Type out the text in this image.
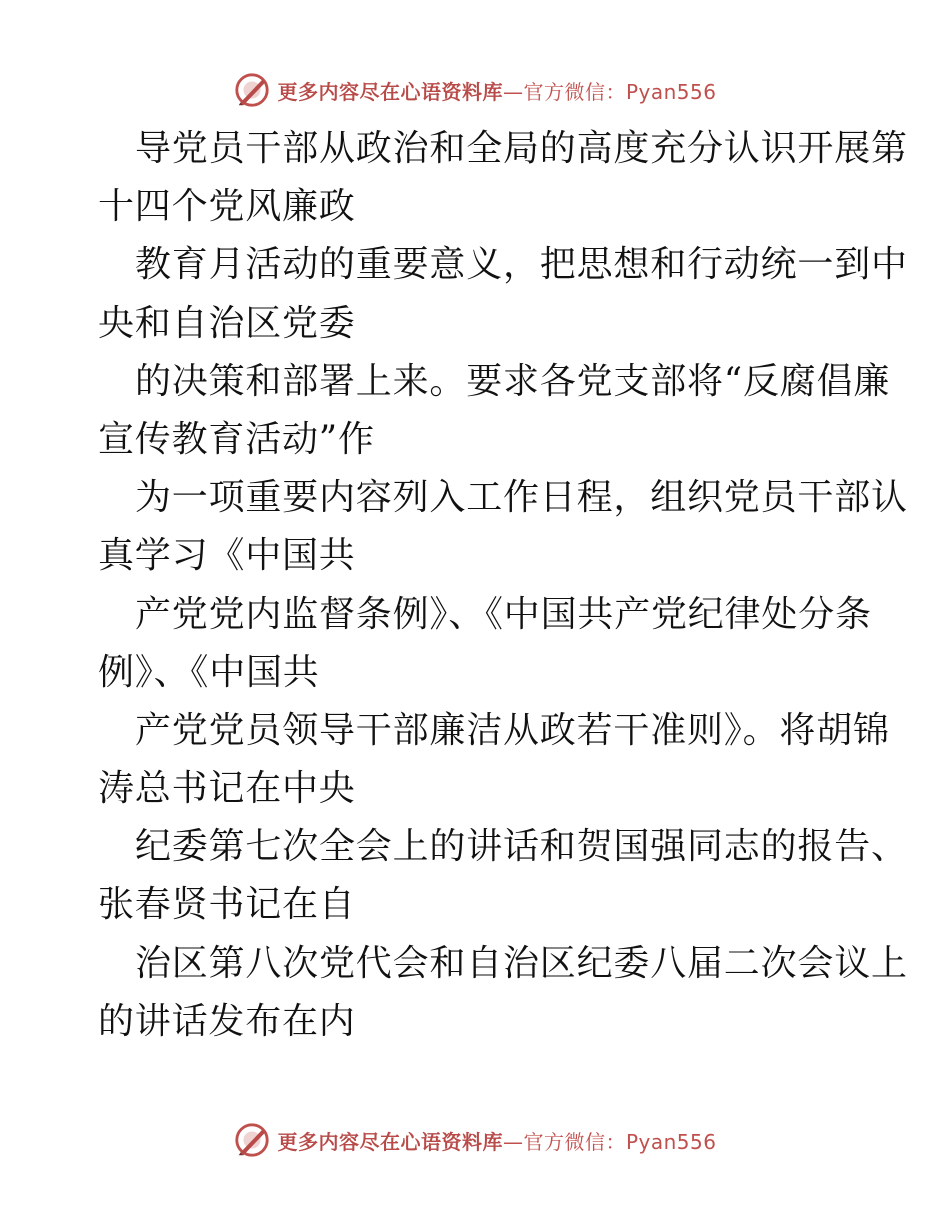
更多内容尽在心语资料库—官方微信：Pyan556
导党员干部从政治和全局的高度充分认识开展第
十四个党风廉政
教育月活动的重要意义，把思想和行动统一到中
央和自治区党委
的决策和部署上来。要求各党支部将“反腐倡廉
宣传教育活动”作
为一项重要内容列入工作日程，组织党员干部认
真学习《中国共
产党党内监督条例》、《中国共产党纪律处分条
例》、《中国共
产党党员领导干部廉洁从政若干准则》。将胡锦
涛总书记在中央
纪委第七次全会上的讲话和贺国强同志的报告、
张春贤书记在自
治区第八次党代会和自治区纪委八届二次会议上
的讲话发布在内
更多内容尽在心语资料库—官方微信：Pyan556
